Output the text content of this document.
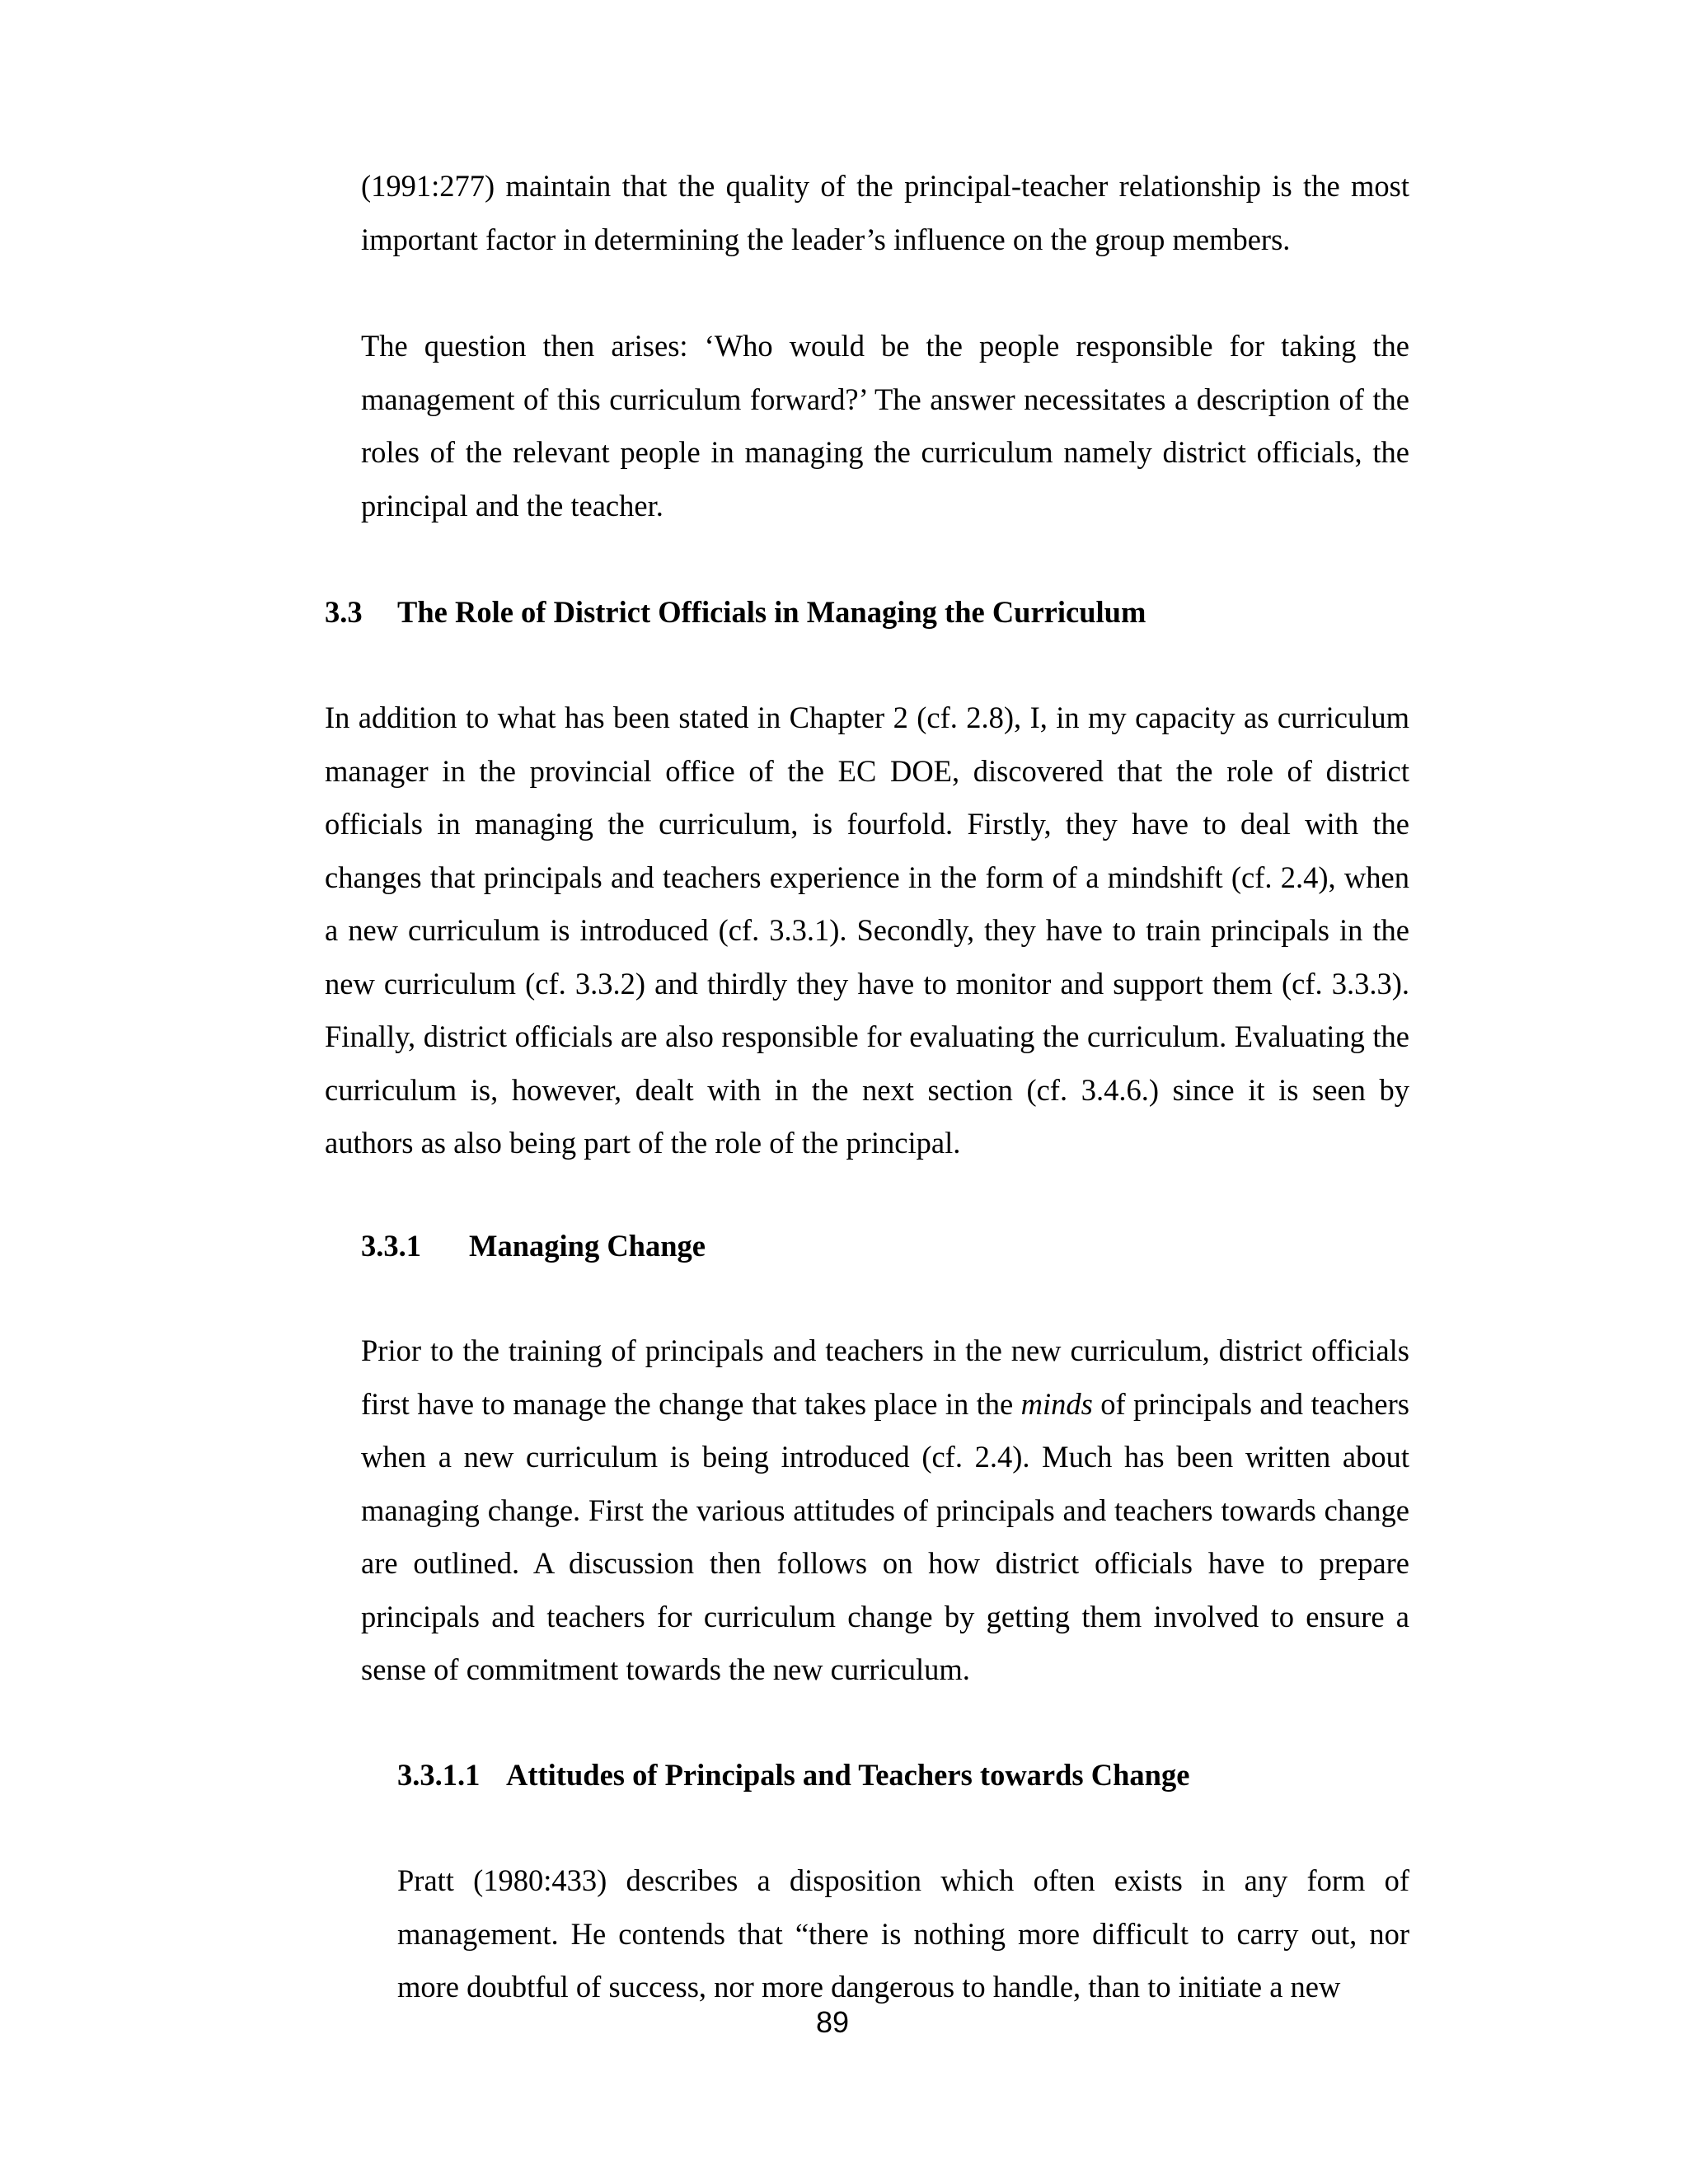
(1991:277) maintain that the quality of the principal-teacher relationship is the most important factor in determining the leader’s influence on the group members.

The question then arises: ‘Who would be the people responsible for taking the management of this curriculum forward?’ The answer necessitates a description of the roles of the relevant people in managing the curriculum namely district officials, the principal and the teacher.

3.3 The Role of District Officials in Managing the Curriculum

In addition to what has been stated in Chapter 2 (cf. 2.8), I, in my capacity as curriculum manager in the provincial office of the EC DOE, discovered that the role of district officials in managing the curriculum, is fourfold. Firstly, they have to deal with the changes that principals and teachers experience in the form of a mindshift (cf. 2.4), when a new curriculum is introduced (cf. 3.3.1). Secondly, they have to train principals in the new curriculum (cf. 3.3.2) and thirdly they have to monitor and support them (cf. 3.3.3). Finally, district officials are also responsible for evaluating the curriculum. Evaluating the curriculum is, however, dealt with in the next section (cf. 3.4.6.) since it is seen by authors as also being part of the role of the principal.

3.3.1 Managing Change

Prior to the training of principals and teachers in the new curriculum, district officials first have to manage the change that takes place in the minds of principals and teachers when a new curriculum is being introduced (cf. 2.4). Much has been written about managing change. First the various attitudes of principals and teachers towards change are outlined. A discussion then follows on how district officials have to prepare principals and teachers for curriculum change by getting them involved to ensure a sense of commitment towards the new curriculum.

3.3.1.1 Attitudes of Principals and Teachers towards Change

Pratt (1980:433) describes a disposition which often exists in any form of management. He contends that “there is nothing more difficult to carry out, nor more doubtful of success, nor more dangerous to handle, than to initiate a new

89
